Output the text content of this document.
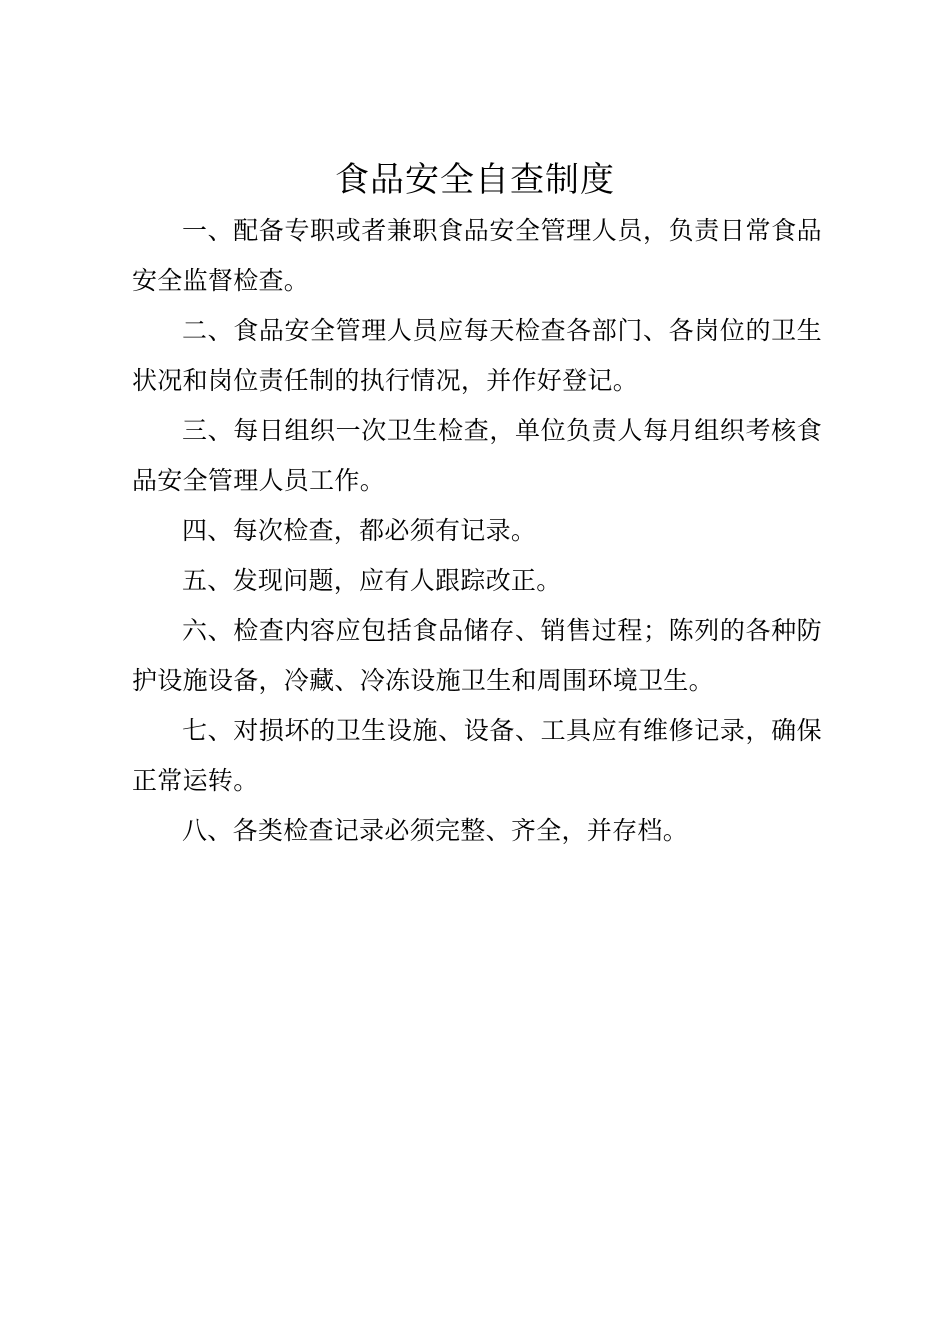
食品安全自查制度

一、配备专职或者兼职食品安全管理人员，负责日常食品安全监督检查。

二、食品安全管理人员应每天检查各部门、各岗位的卫生状况和岗位责任制的执行情况，并作好登记。

三、每日组织一次卫生检查，单位负责人每月组织考核食品安全管理人员工作。

四、每次检查，都必须有记录。

五、发现问题，应有人跟踪改正。

六、检查内容应包括食品储存、销售过程；陈列的各种防护设施设备，冷藏、冷冻设施卫生和周围环境卫生。

七、对损坏的卫生设施、设备、工具应有维修记录，确保正常运转。

八、各类检查记录必须完整、齐全，并存档。
